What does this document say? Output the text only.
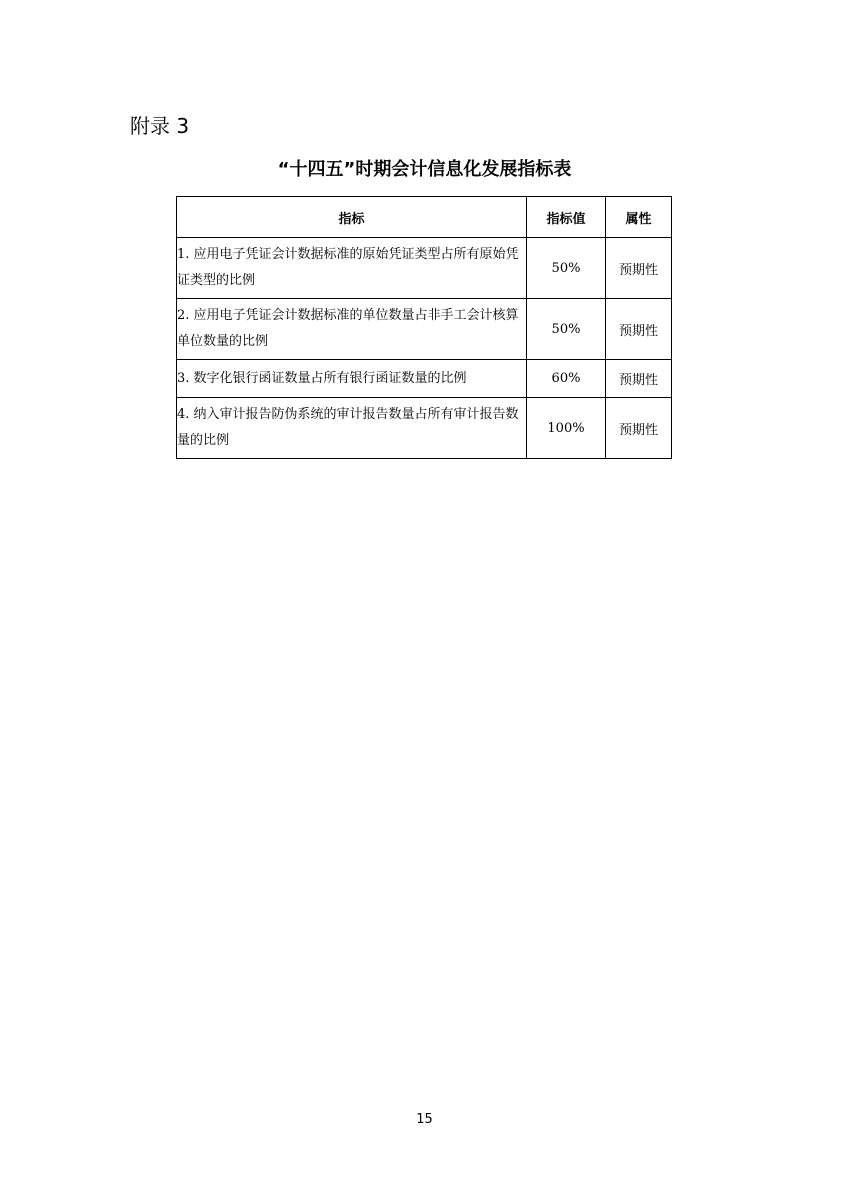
附录 3

“十四五”时期会计信息化发展指标表
指标	指标值	属性
1. 应用电子凭证会计数据标准的原始凭证类型占所有原始凭证类型的比例	50%	预期性
2. 应用电子凭证会计数据标准的单位数量占非手工会计核算单位数量的比例	50%	预期性
3. 数字化银行函证数量占所有银行函证数量的比例	60%	预期性
4. 纳入审计报告防伪系统的审计报告数量占所有审计报告数量的比例	100%	预期性

15
